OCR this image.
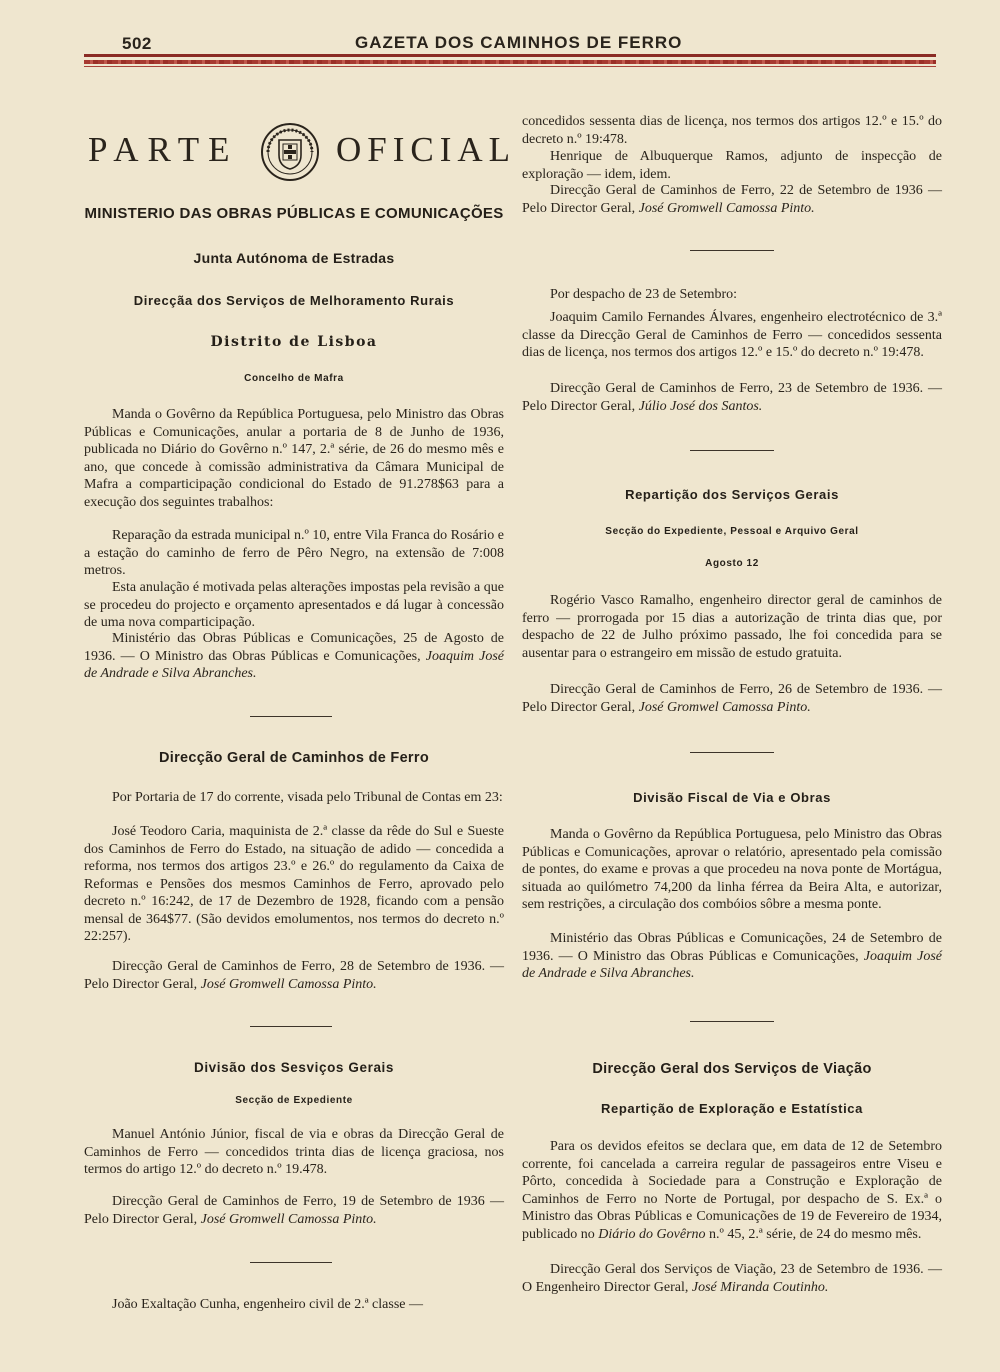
502	GAZETA DOS CAMINHOS DE FERRO
PARTE	OFICIAL
MINISTERIO DAS OBRAS PÚBLICAS E COMUNICAÇÕES
Junta Autónoma de Estradas
Direcçãa dos Serviços de Melhoramento Rurais
Distrito de Lisboa
Concelho de Mafra

Manda o Govêrno da República Portuguesa, pelo Ministro das Obras Públicas e Comunicações, anular a portaria de 8 de Junho de 1936, publicada no Diário do Govêrno n.º 147, 2.ª série, de 26 do mesmo mês e ano, que concede à comissão administrativa da Câmara Municipal de Mafra a comparticipação condicional do Estado de 91.278$63 para a execução dos seguintes trabalhos:

Reparação da estrada municipal n.º 10, entre Vila Franca do Rosário e a estação do caminho de ferro de Pêro Negro, na extensão de 7:008 metros.

Esta anulação é motivada pelas alterações impostas pela revisão a que se procedeu do projecto e orçamento apresentados e dá lugar à concessão de uma nova comparticipação.

Ministério das Obras Públicas e Comunicações, 25 de Agosto de 1936. — O Ministro das Obras Públicas e Comunicações, Joaquim José de Andrade e Silva Abranches.

Direcção Geral de Caminhos de Ferro

Por Portaria de 17 do corrente, visada pelo Tribunal de Contas em 23:

José Teodoro Caria, maquinista de 2.ª classe da rêde do Sul e Sueste dos Caminhos de Ferro do Estado, na situação de adido — concedida a reforma, nos termos dos artigos 23.º e 26.º do regulamento da Caixa de Reformas e Pensões dos mesmos Caminhos de Ferro, aprovado pelo decreto n.º 16:242, de 17 de Dezembro de 1928, ficando com a pensão mensal de 364$77. (São devidos emolumentos, nos termos do decreto n.º 22:257).

Direcção Geral de Caminhos de Ferro, 28 de Setembro de 1936. — Pelo Director Geral, José Gromwell Camossa Pinto.

Divisão dos Sesviços Gerais
Secção de Expediente

Manuel António Júnior, fiscal de via e obras da Direcção Geral de Caminhos de Ferro — concedidos trinta dias de licença graciosa, nos termos do artigo 12.º do decreto n.º 19.478.

Direcção Geral de Caminhos de Ferro, 19 de Setembro de 1936 — Pelo Director Geral, José Gromwell Camossa Pinto.

João Exaltação Cunha, engenheiro civil de 2.ª classe —

concedidos sessenta dias de licença, nos termos dos artigos 12.º e 15.º do decreto n.º 19:478.

Henrique de Albuquerque Ramos, adjunto de inspecção de exploração — idem, idem.

Direcção Geral de Caminhos de Ferro, 22 de Setembro de 1936 — Pelo Director Geral, José Gromwell Camossa Pinto.

Por despacho de 23 de Setembro:

Joaquim Camilo Fernandes Álvares, engenheiro electrotécnico de 3.ª classe da Direcção Geral de Caminhos de Ferro — concedidos sessenta dias de licença, nos termos dos artigos 12.º e 15.º do decreto n.º 19:478.

Direcção Geral de Caminhos de Ferro, 23 de Setembro de 1936. — Pelo Director Geral, Júlio José dos Santos.

Repartição dos Serviços Gerais
Secção do Expediente, Pessoal e Arquivo Geral
Agosto 12

Rogério Vasco Ramalho, engenheiro director geral de caminhos de ferro — prorrogada por 15 dias a autorização de trinta dias que, por despacho de 22 de Julho próximo passado, lhe foi concedida para se ausentar para o estrangeiro em missão de estudo gratuita.

Direcção Geral de Caminhos de Ferro, 26 de Setembro de 1936. — Pelo Director Geral, José Gromwel Camossa Pinto.

Divisão Fiscal de Via e Obras

Manda o Govêrno da República Portuguesa, pelo Ministro das Obras Públicas e Comunicações, aprovar o relatório, apresentado pela comissão de pontes, do exame e provas a que procedeu na nova ponte de Mortágua, situada ao quilómetro 74,200 da linha férrea da Beira Alta, e autorizar, sem restrições, a circulação dos combóios sôbre a mesma ponte.

Ministério das Obras Públicas e Comunicações, 24 de Setembro de 1936. — O Ministro das Obras Públicas e Comunicações, Joaquim José de Andrade e Silva Abranches.

Direcção Geral dos Serviços de Viação
Repartição de Exploração e Estatística

Para os devidos efeitos se declara que, em data de 12 de Setembro corrente, foi cancelada a carreira regular de passageiros entre Viseu e Pôrto, concedida à Sociedade para a Construção e Exploração de Caminhos de Ferro no Norte de Portugal, por despacho de S. Ex.ª o Ministro das Obras Públicas e Comunicações de 19 de Fevereiro de 1934, publicado no Diário do Govêrno n.º 45, 2.ª série, de 24 do mesmo mês.

Direcção Geral dos Serviços de Viação, 23 de Setembro de 1936. — O Engenheiro Director Geral, José Miranda Coutinho.
